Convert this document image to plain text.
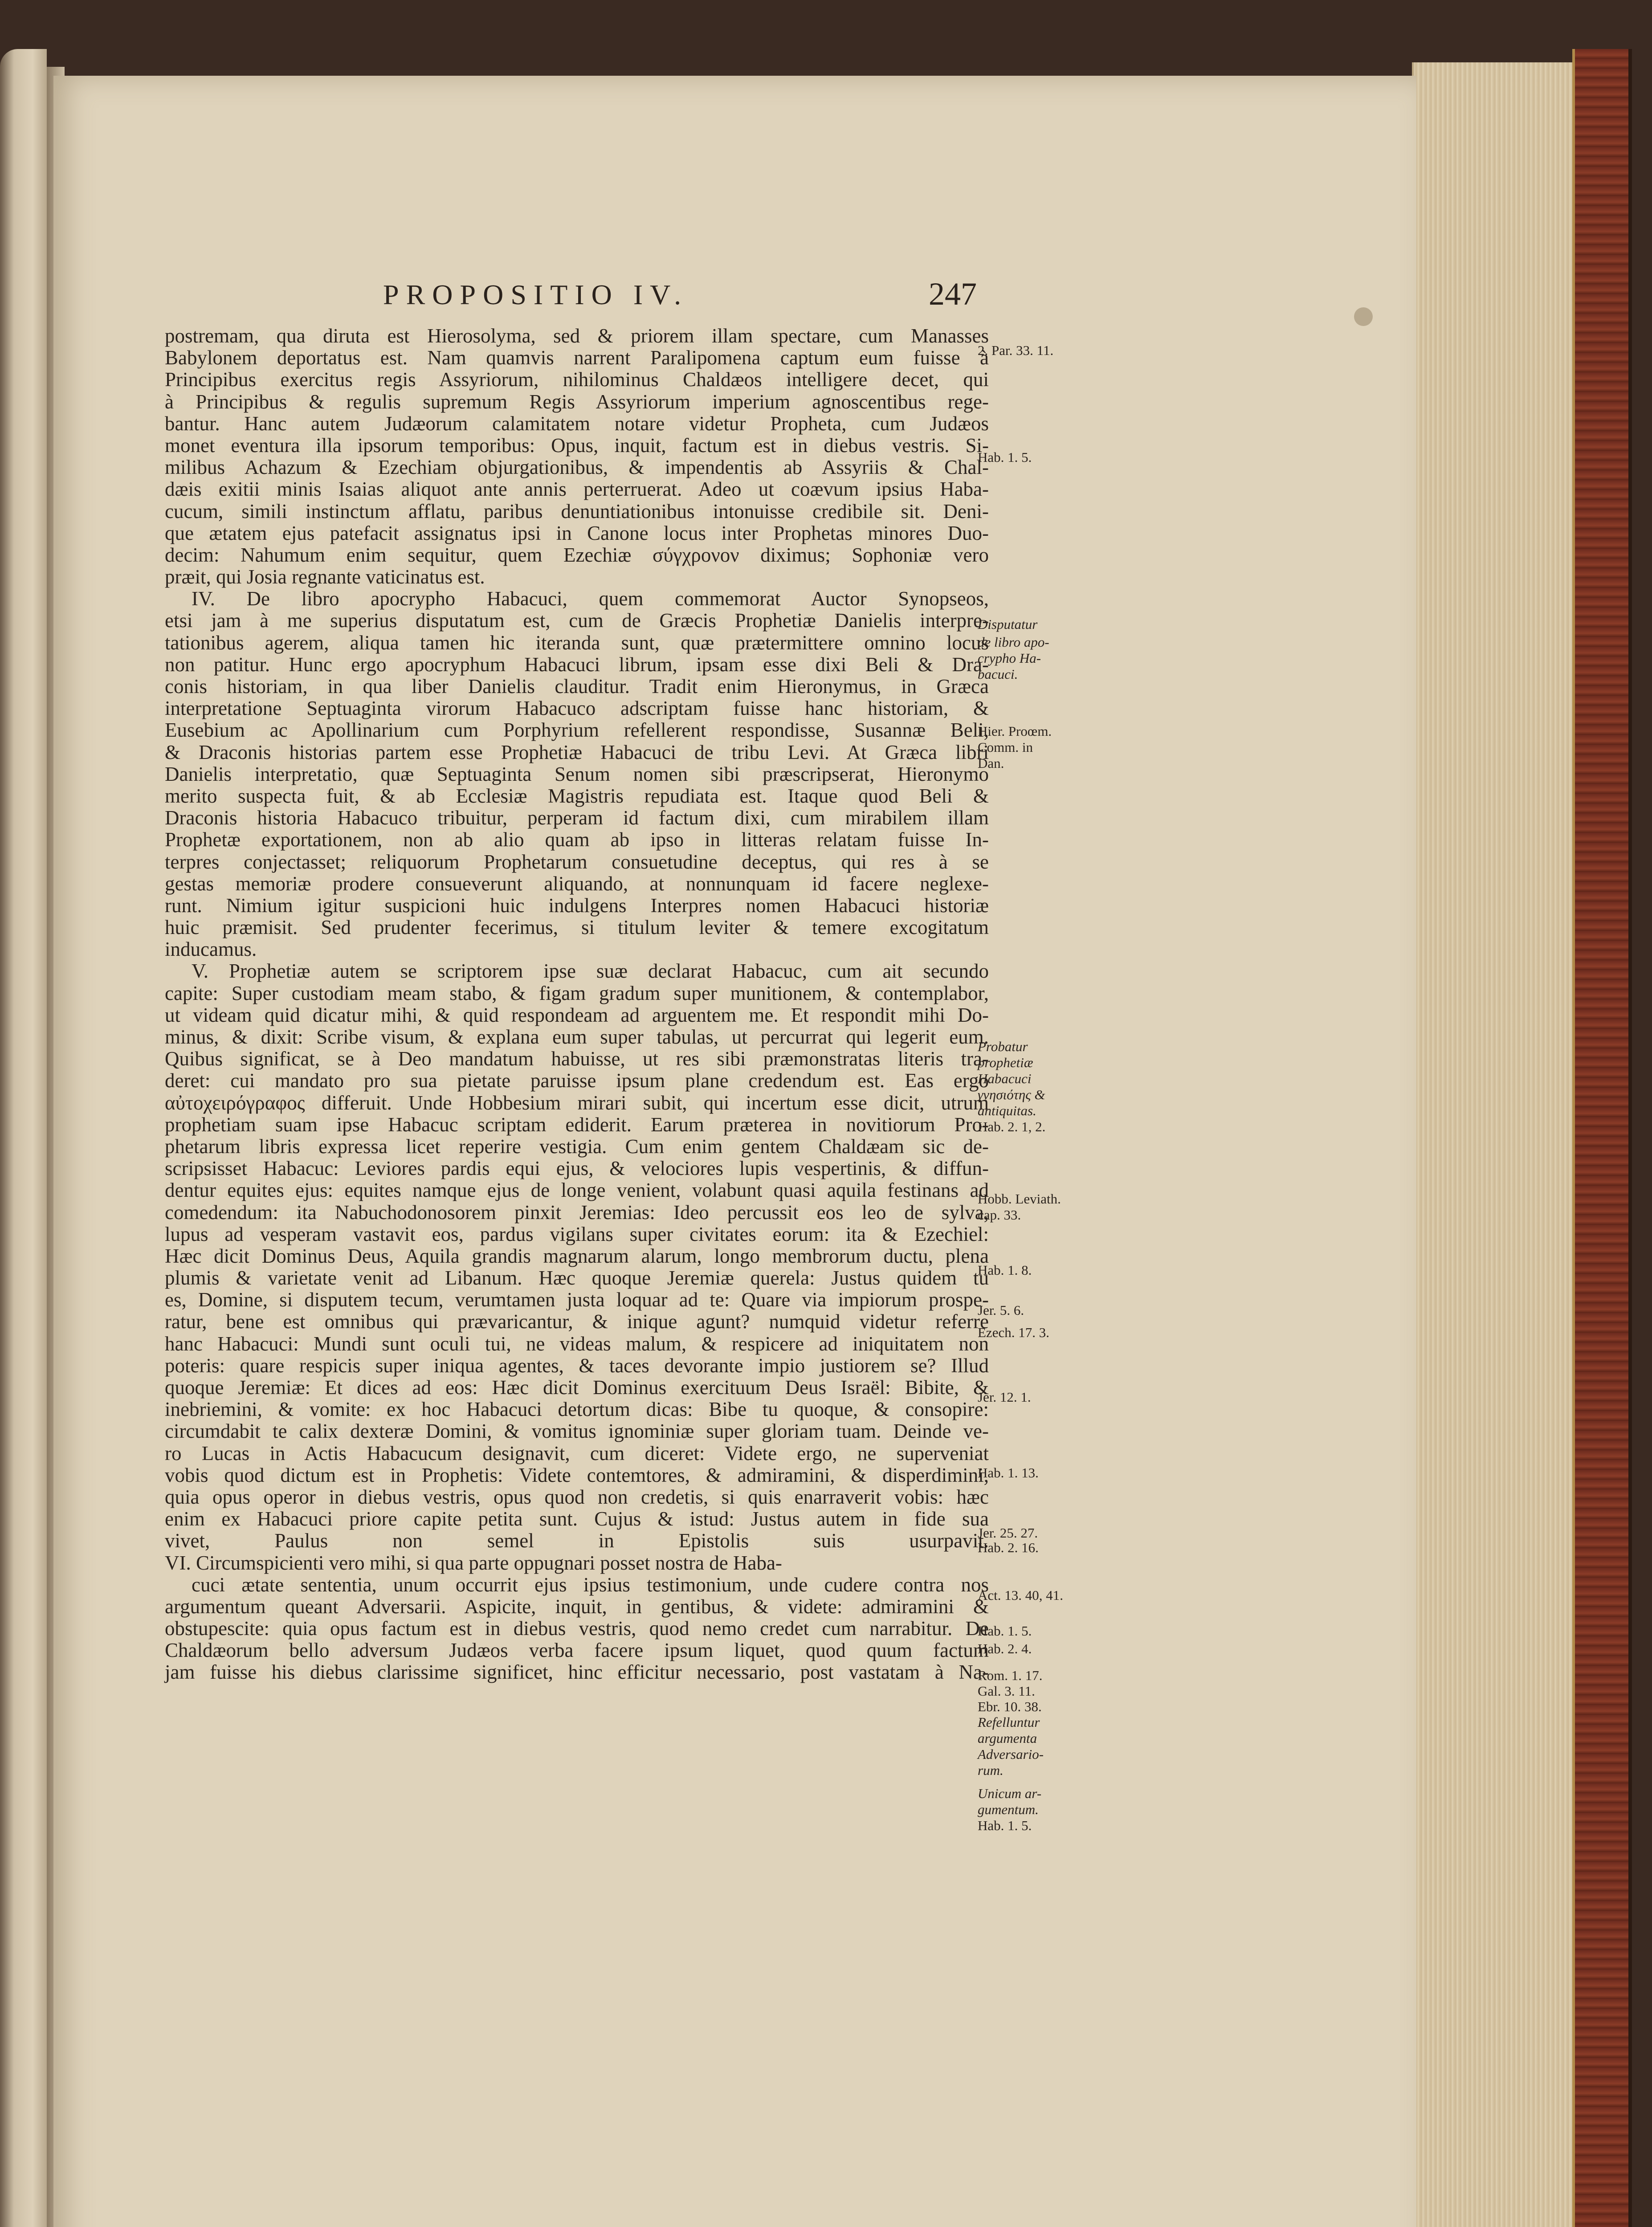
PROPOSITIO IV.	247
postremam, qua diruta est Hierosolyma, sed & priorem illam spectare, cum Manasses
Babylonem deportatus est. Nam quamvis narrent Paralipomena captum eum fuisse à
Principibus exercitus regis Assyriorum, nihilominus Chaldæos intelligere decet, qui
à Principibus & regulis supremum Regis Assyriorum imperium agnoscentibus rege-
bantur. Hanc autem Judæorum calamitatem notare videtur Propheta, cum Judæos
monet eventura illa ipsorum temporibus: Opus, inquit, factum est in diebus vestris. Si-
milibus Achazum & Ezechiam objurgationibus, & impendentis ab Assyriis & Chal-
dæis exitii minis Isaias aliquot ante annis perterruerat. Adeo ut coævum ipsius Haba-
cucum, simili instinctum afflatu, paribus denuntiationibus intonuisse credibile sit. Deni-
que ætatem ejus patefacit assignatus ipsi in Canone locus inter Prophetas minores Duo-
decim: Nahumum enim sequitur, quem Ezechiæ σύγχρονον diximus; Sophoniæ vero
præit, qui Josia regnante vaticinatus est.
IV. De libro apocrypho Habacuci, quem commemorat Auctor Synopseos,
etsi jam à me superius disputatum est, cum de Græcis Prophetiæ Danielis interpre-
tationibus agerem, aliqua tamen hic iteranda sunt, quæ prætermittere omnino locus
non patitur. Hunc ergo apocryphum Habacuci librum, ipsam esse dixi Beli & Dra-
conis historiam, in qua liber Danielis clauditur. Tradit enim Hieronymus, in Græca
interpretatione Septuaginta virorum Habacuco adscriptam fuisse hanc historiam, &
Eusebium ac Apollinarium cum Porphyrium refellerent respondisse, Susannæ Beli,
& Draconis historias partem esse Prophetiæ Habacuci de tribu Levi. At Græca libri
Danielis interpretatio, quæ Septuaginta Senum nomen sibi præscripserat, Hieronymo
merito suspecta fuit, & ab Ecclesiæ Magistris repudiata est. Itaque quod Beli &
Draconis historia Habacuco tribuitur, perperam id factum dixi, cum mirabilem illam
Prophetæ exportationem, non ab alio quam ab ipso in litteras relatam fuisse In-
terpres conjectasset; reliquorum Prophetarum consuetudine deceptus, qui res à se
gestas memoriæ prodere consueverunt aliquando, at nonnunquam id facere neglexe-
runt. Nimium igitur suspicioni huic indulgens Interpres nomen Habacuci historiæ
huic præmisit. Sed prudenter fecerimus, si titulum leviter & temere excogitatum
inducamus.
V. Prophetiæ autem se scriptorem ipse suæ declarat Habacuc, cum ait secundo
capite: Super custodiam meam stabo, & figam gradum super munitionem, & contemplabor,
ut videam quid dicatur mihi, & quid respondeam ad arguentem me. Et respondit mihi Do-
minus, & dixit: Scribe visum, & explana eum super tabulas, ut percurrat qui legerit eum.
Quibus significat, se à Deo mandatum habuisse, ut res sibi præmonstratas literis tra-
deret: cui mandato pro sua pietate paruisse ipsum plane credendum est. Eas ergo
αὐτοχειρόγραφος differuit. Unde Hobbesium mirari subit, qui incertum esse dicit, utrum
prophetiam suam ipse Habacuc scriptam ediderit. Earum præterea in novitiorum Pro-
phetarum libris expressa licet reperire vestigia. Cum enim gentem Chaldæam sic de-
scripsisset Habacuc: Leviores pardis equi ejus, & velociores lupis vespertinis, & diffun-
dentur equites ejus: equites namque ejus de longe venient, volabunt quasi aquila festinans ad
comedendum: ita Nabuchodonosorem pinxit Jeremias: Ideo percussit eos leo de sylva,
lupus ad vesperam vastavit eos, pardus vigilans super civitates eorum: ita & Ezechiel:
Hæc dicit Dominus Deus, Aquila grandis magnarum alarum, longo membrorum ductu, plena
plumis & varietate venit ad Libanum. Hæc quoque Jeremiæ querela: Justus quidem tu
es, Domine, si disputem tecum, verumtamen justa loquar ad te: Quare via impiorum prospe-
ratur, bene est omnibus qui prævaricantur, & inique agunt? numquid videtur referre
hanc Habacuci: Mundi sunt oculi tui, ne videas malum, & respicere ad iniquitatem non
poteris: quare respicis super iniqua agentes, & taces devorante impio justiorem se? Illud
quoque Jeremiæ: Et dices ad eos: Hæc dicit Dominus exercituum Deus Israël: Bibite, &
inebriemini, & vomite: ex hoc Habacuci detortum dicas: Bibe tu quoque, & consopire:
circumdabit te calix dexteræ Domini, & vomitus ignominiæ super gloriam tuam. Deinde ve-
ro Lucas in Actis Habacucum designavit, cum diceret: Videte ergo, ne superveniat
vobis quod dictum est in Prophetis: Videte contemtores, & admiramini, & disperdimini,
quia opus operor in diebus vestris, opus quod non credetis, si quis enarraverit vobis: hæc
enim ex Habacuci priore capite petita sunt. Cujus & istud: Justus autem in fide sua
vivet, Paulus non semel in Epistolis suis usurpavit.
VI. Circumspicienti vero mihi, si qua parte oppugnari posset nostra de Haba-
cuci ætate sententia, unum occurrit ejus ipsius testimonium, unde cudere contra nos
argumentum queant Adversarii. Aspicite, inquit, in gentibus, & videte: admiramini &
obstupescite: quia opus factum est in diebus vestris, quod nemo credet cum narrabitur. De
Chaldæorum bello adversum Judæos verba facere ipsum liquet, quod quum factum
jam fuisse his diebus clarissime significet, hinc efficitur necessario, post vastatam à Na-
2. Par. 33. 11.
Hab. 1. 5.
Disputatur
de libro apo-
crypho Ha-
bacuci.
Hier. Proœm.
Comm. in
Dan.
Probatur
prophetiæ
Habacuci
γνησιότης &
antiquitas.
Hab. 2. 1, 2.
Hobb. Leviath.
cap. 33.
Hab. 1. 8.
Jer. 5. 6.
Ezech. 17. 3.
Jer. 12. 1.
Hab. 1. 13.
Jer. 25. 27.
Hab. 2. 16.
Act. 13. 40, 41.
Hab. 1. 5.
Hab. 2. 4.
Rom. 1. 17.
Gal. 3. 11.
Ebr. 10. 38.
Refelluntur
argumenta
Adversario-
rum.
Unicum ar-
gumentum.
Hab. 1. 5.
